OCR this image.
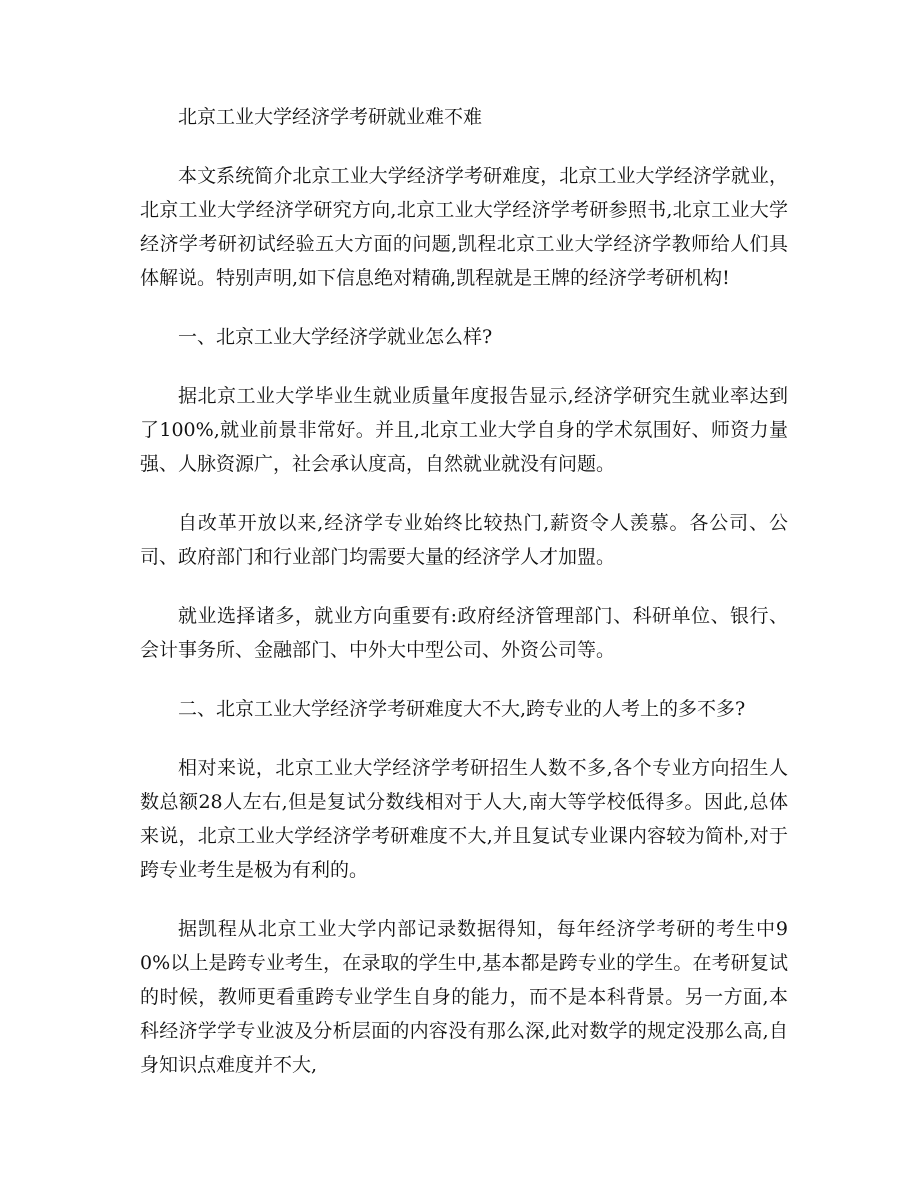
北京工业大学经济学考研就业难不难

本文系统简介北京工业大学经济学考研难度，北京工业大学经济学就业，北京工业大学经济学研究方向,北京工业大学经济学考研参照书,北京工业大学经济学考研初试经验五大方面的问题,凯程北京工业大学经济学教师给人们具体解说。特别声明,如下信息绝对精确,凯程就是王牌的经济学考研机构!

一、北京工业大学经济学就业怎么样?

据北京工业大学毕业生就业质量年度报告显示,经济学研究生就业率达到了100%,就业前景非常好。并且,北京工业大学自身的学术氛围好、师资力量强、人脉资源广，社会承认度高，自然就业就没有问题。

自改革开放以来,经济学专业始终比较热门,薪资令人羡慕。各公司、公司、政府部门和行业部门均需要大量的经济学人才加盟。

就业选择诸多，就业方向重要有:政府经济管理部门、科研单位、银行、会计事务所、金融部门、中外大中型公司、外资公司等。

二、北京工业大学经济学考研难度大不大,跨专业的人考上的多不多?

相对来说，北京工业大学经济学考研招生人数不多,各个专业方向招生人数总额28人左右,但是复试分数线相对于人大,南大等学校低得多。因此,总体来说，北京工业大学经济学考研难度不大,并且复试专业课内容较为简朴,对于跨专业考生是极为有利的。

据凯程从北京工业大学内部记录数据得知，每年经济学考研的考生中90%以上是跨专业考生，在录取的学生中,基本都是跨专业的学生。在考研复试的时候，教师更看重跨专业学生自身的能力，而不是本科背景。另一方面,本科经济学学专业波及分析层面的内容没有那么深,此对数学的规定没那么高,自身知识点难度并不大,
